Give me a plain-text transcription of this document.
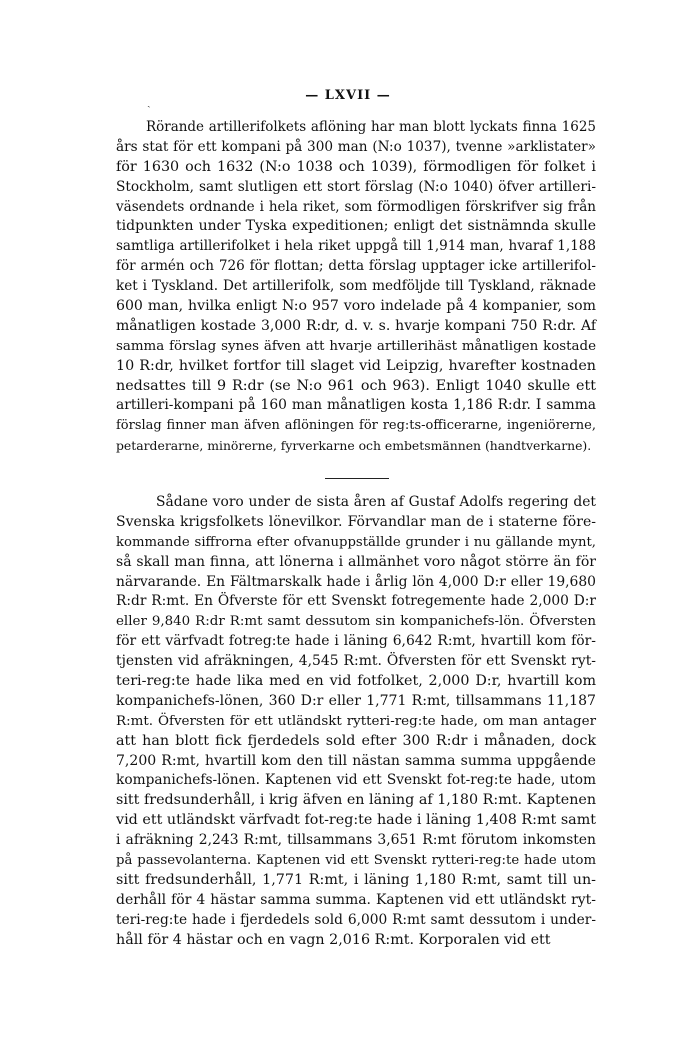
ˏ	— LXVII —
Rörande artillerifolkets aflöning har man blott lyckats finna 1625
års stat för ett kompani på 300 man (N:o 1037), tvenne »arklistater»
för 1630 och 1632 (N:o 1038 och 1039), förmodligen för folket i
Stockholm, samt slutligen ett stort förslag (N:o 1040) öfver artilleri-
väsendets ordnande i hela riket, som förmodligen förskrifver sig från
tidpunkten under Tyska expeditionen; enligt det sistnämnda skulle
samtliga artillerifolket i hela riket uppgå till 1,914 man, hvaraf 1,188
för armén och 726 för flottan; detta förslag upptager icke artillerifol-
ket i Tyskland. Det artillerifolk, som medföljde till Tyskland, räknade
600 man, hvilka enligt N:o 957 voro indelade på 4 kompanier, som
månatligen kostade 3,000 R:dr, d. v. s. hvarje kompani 750 R:dr. Af
samma förslag synes äfven att hvarje artillerihäst månatligen kostade
10 R:dr, hvilket fortfor till slaget vid Leipzig, hvarefter kostnaden
nedsattes till 9 R:dr (se N:o 961 och 963). Enligt 1040 skulle ett
artilleri-kompani på 160 man månatligen kosta 1,186 R:dr. I samma
förslag finner man äfven aflöningen för reg:ts-officerarne, ingeniörerne,
petarderarne, minörerne, fyrverkarne och embetsmännen (handtverkarne).
Sådane voro under de sista åren af Gustaf Adolfs regering det
Svenska krigsfolkets lönevilkor. Förvandlar man de i staterne före-
kommande siffrorna efter ofvanuppställde grunder i nu gällande mynt,
så skall man finna, att lönerna i allmänhet voro något större än för
närvarande. En Fältmarskalk hade i årlig lön 4,000 D:r eller 19,680
R:dr R:mt. En Öfverste för ett Svenskt fotregemente hade 2,000 D:r
eller 9,840 R:dr R:mt samt dessutom sin kompanichefs-lön. Öfversten
för ett värfvadt fotreg:te hade i läning 6,642 R:mt, hvartill kom för-
tjensten vid afräkningen, 4,545 R:mt. Öfversten för ett Svenskt ryt-
teri-reg:te hade lika med en vid fotfolket, 2,000 D:r, hvartill kom
kompanichefs-lönen, 360 D:r eller 1,771 R:mt, tillsammans 11,187
R:mt. Öfversten för ett utländskt rytteri-reg:te hade, om man antager
att han blott fick fjerdedels sold efter 300 R:dr i månaden, dock
7,200 R:mt, hvartill kom den till nästan samma summa uppgående
kompanichefs-lönen. Kaptenen vid ett Svenskt fot-reg:te hade, utom
sitt fredsunderhåll, i krig äfven en läning af 1,180 R:mt. Kaptenen
vid ett utländskt värfvadt fot-reg:te hade i läning 1,408 R:mt samt
i afräkning 2,243 R:mt, tillsammans 3,651 R:mt förutom inkomsten
på passevolanterna. Kaptenen vid ett Svenskt rytteri-reg:te hade utom
sitt fredsunderhåll, 1,771 R:mt, i läning 1,180 R:mt, samt till un-
derhåll för 4 hästar samma summa. Kaptenen vid ett utländskt ryt-
teri-reg:te hade i fjerdedels sold 6,000 R:mt samt dessutom i under-
håll för 4 hästar och en vagn 2,016 R:mt. Korporalen vid ett
